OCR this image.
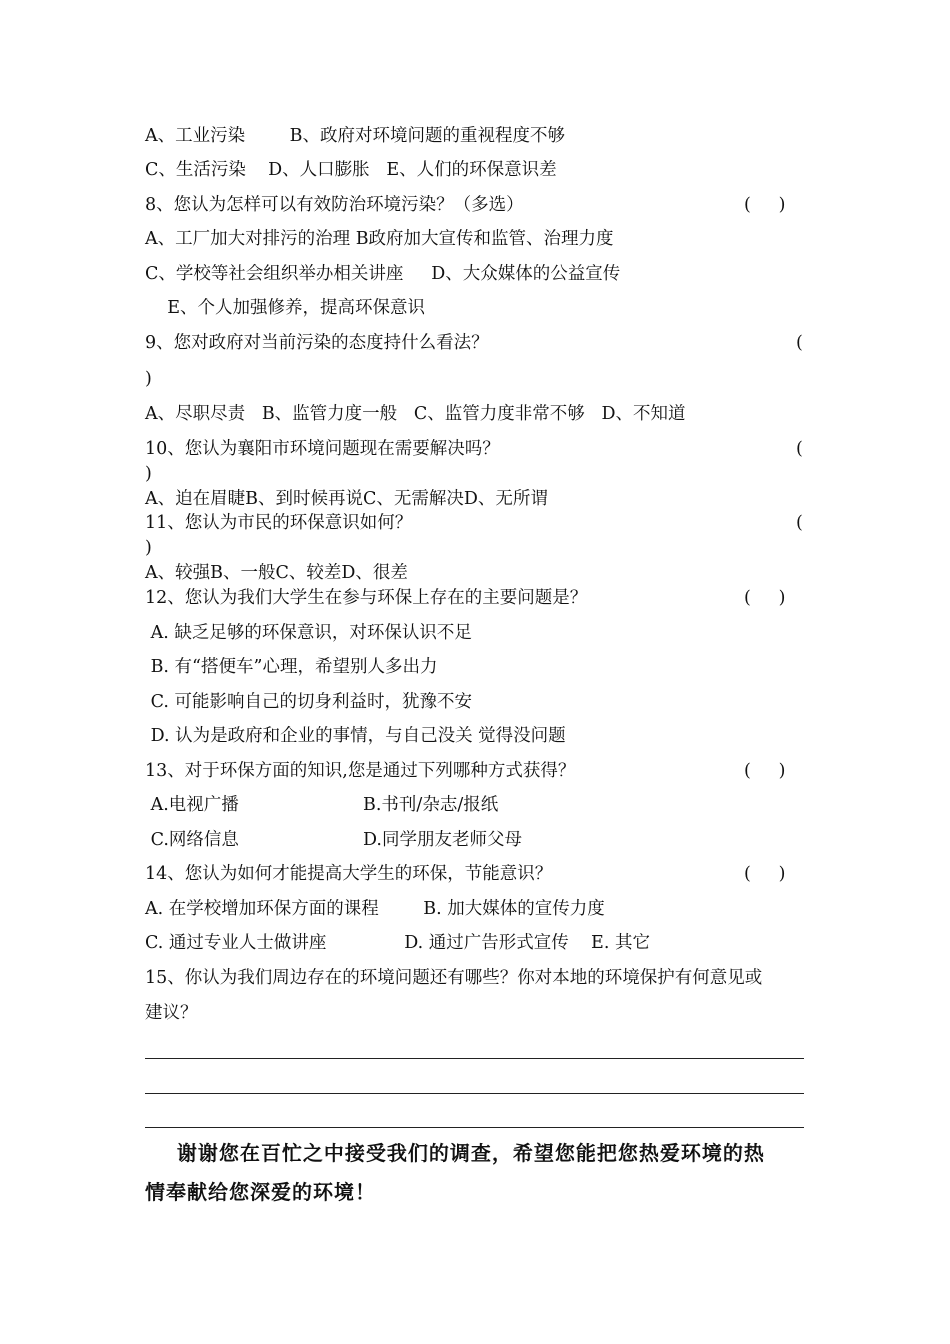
A、工业污染        B、政府对环境问题的重视程度不够
C、生活污染    D、人口膨胀   E、人们的环保意识差
8、您认为怎样可以有效防治环境污染？（多选）	(     )
A、工厂加大对排污的治理 B政府加大宣传和监管、治理力度
C、学校等社会组织举办相关讲座     D、大众媒体的公益宣传
E、个人加强修养，提高环保意识
9、您对政府对当前污染的态度持什么看法？	(
)
A、尽职尽责   B、监管力度一般   C、监管力度非常不够   D、不知道
10、您认为襄阳市环境问题现在需要解决吗？	(
)
A、迫在眉睫B、到时候再说C、无需解决D、无所谓
11、您认为市民的环保意识如何？	(
)
A、较强B、一般C、较差D、很差
12、您认为我们大学生在参与环保上存在的主要问题是？	(     )
A. 缺乏足够的环保意识，对环保认识不足
B. 有“搭便车”心理，希望别人多出力
C. 可能影响自己的切身利益时，犹豫不安
D. 认为是政府和企业的事情，与自己没关 觉得没问题
13、对于环保方面的知识,您是通过下列哪种方式获得？	(     )
A.电视广播	B.书刊/杂志/报纸
C.网络信息	D.同学朋友老师父母
14、您认为如何才能提高大学生的环保，节能意识？	(     )
A. 在学校增加环保方面的课程        B. 加大媒体的宣传力度
C. 通过专业人士做讲座              D. 通过广告形式宣传    E. 其它
15、你认为我们周边存在的环境问题还有哪些？你对本地的环境保护有何意见或
建议？
谢谢您在百忙之中接受我们的调查，希望您能把您热爱环境的热
情奉献给您深爱的环境！
